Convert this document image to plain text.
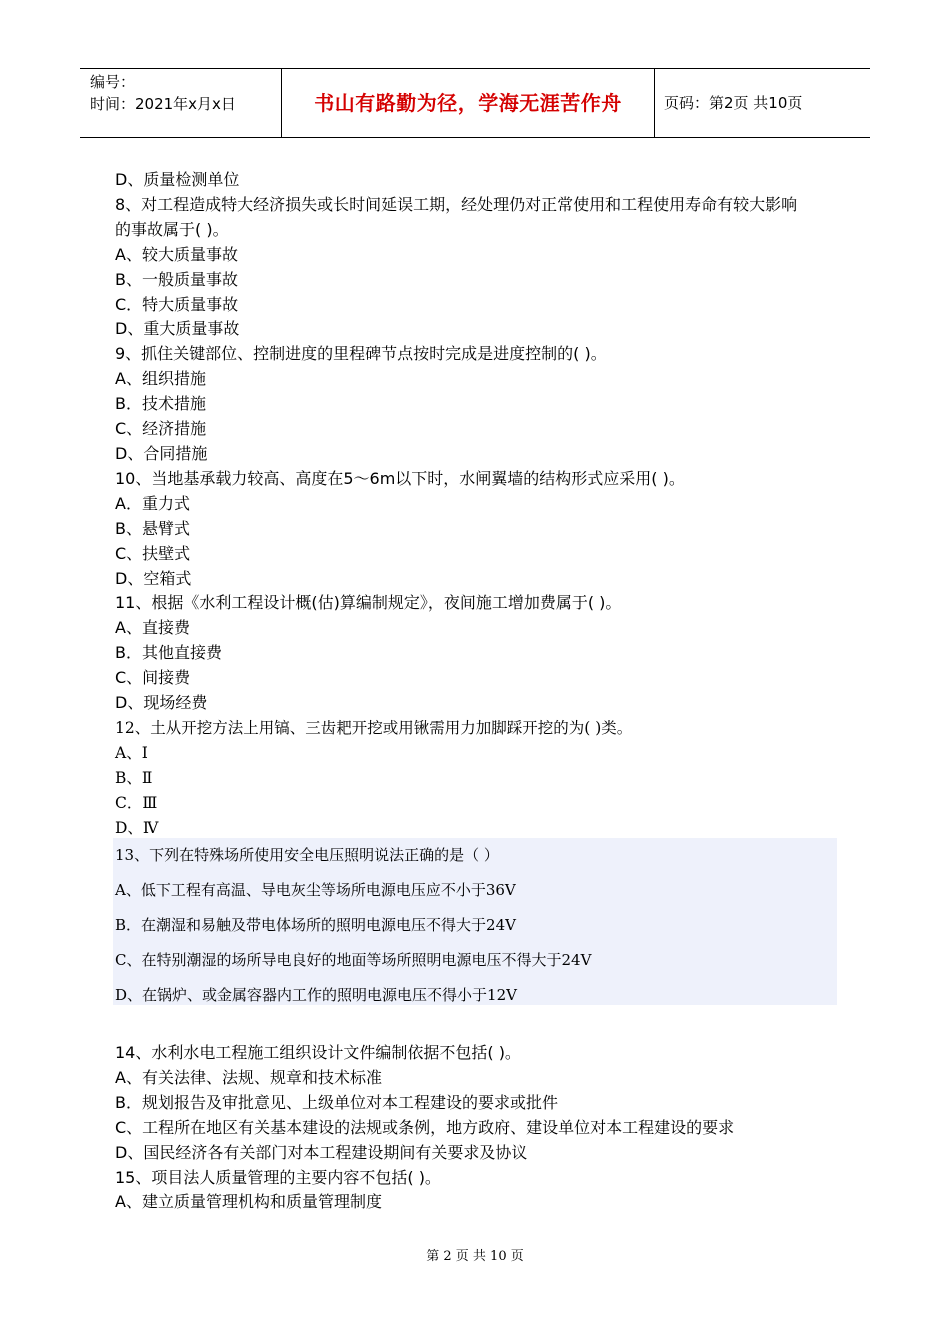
编号：
时间：2021年x月x日	书山有路勤为径，学海无涯苦作舟	页码：第2页 共10页
D、质量检测单位
8、对工程造成特大经济损失或长时间延误工期，经处理仍对正常使用和工程使用寿命有较大影响
的事故属于( )。
A、较大质量事故
B、一般质量事故
C．特大质量事故
D、重大质量事故
9、抓住关键部位、控制进度的里程碑节点按时完成是进度控制的( )。
A、组织措施
B．技术措施
C、经济措施
D、合同措施
10、当地基承载力较高、高度在5～6m以下时，水闸翼墙的结构形式应采用( )。
A．重力式
B、悬臂式
C、扶壁式
D、空箱式
11、根据《水利工程设计概(估)算编制规定》，夜间施工增加费属于( )。
A、直接费
B．其他直接费
C、间接费
D、现场经费
12、土从开挖方法上用镐、三齿耙开挖或用锹需用力加脚踩开挖的为( )类。
A、Ⅰ
B、Ⅱ
C．Ⅲ
D、Ⅳ
13、下列在特殊场所使用安全电压照明说法正确的是（ ）
A、低下工程有高温、导电灰尘等场所电源电压应不小于36V
B．在潮湿和易触及带电体场所的照明电源电压不得大于24V
C、在特别潮湿的场所导电良好的地面等场所照明电源电压不得大于24V
D、在锅炉、或金属容器内工作的照明电源电压不得小于12V
14、水利水电工程施工组织设计文件编制依据不包括( )。
A、有关法律、法规、规章和技术标准
B．规划报告及审批意见、上级单位对本工程建设的要求或批件
C、工程所在地区有关基本建设的法规或条例，地方政府、建设单位对本工程建设的要求
D、国民经济各有关部门对本工程建设期间有关要求及协议
15、项目法人质量管理的主要内容不包括( )。
A、建立质量管理机构和质量管理制度
第 2 页 共 10 页
